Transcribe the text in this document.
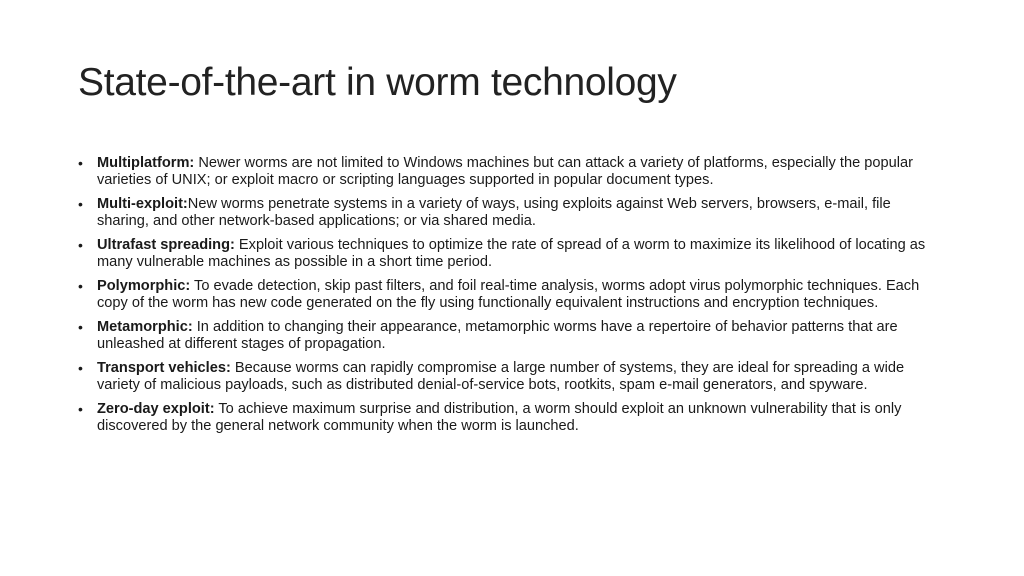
State-of-the-art in worm technology
• Multiplatform: Newer worms are not limited to Windows machines but can attack a variety of platforms, especially the popular varieties of UNIX; or exploit macro or scripting languages supported in popular document types.
• Multi-exploit:New worms penetrate systems in a variety of ways, using exploits against Web servers, browsers, e-mail, file sharing, and other network-based applications; or via shared media.
• Ultrafast spreading: Exploit various techniques to optimize the rate of spread of a worm to maximize its likelihood of locating as many vulnerable machines as possible in a short time period.
• Polymorphic: To evade detection, skip past filters, and foil real-time analysis, worms adopt virus polymorphic techniques. Each copy of the worm has new code generated on the fly using functionally equivalent instructions and encryption techniques.
• Metamorphic: In addition to changing their appearance, metamorphic worms have a repertoire of behavior patterns that are unleashed at different stages of propagation.
• Transport vehicles: Because worms can rapidly compromise a large number of systems, they are ideal for spreading a wide variety of malicious payloads, such as distributed denial-of-service bots, rootkits, spam e-mail generators, and spyware.
• Zero-day exploit: To achieve maximum surprise and distribution, a worm should exploit an unknown vulnerability that is only discovered by the general network community when the worm is launched.
